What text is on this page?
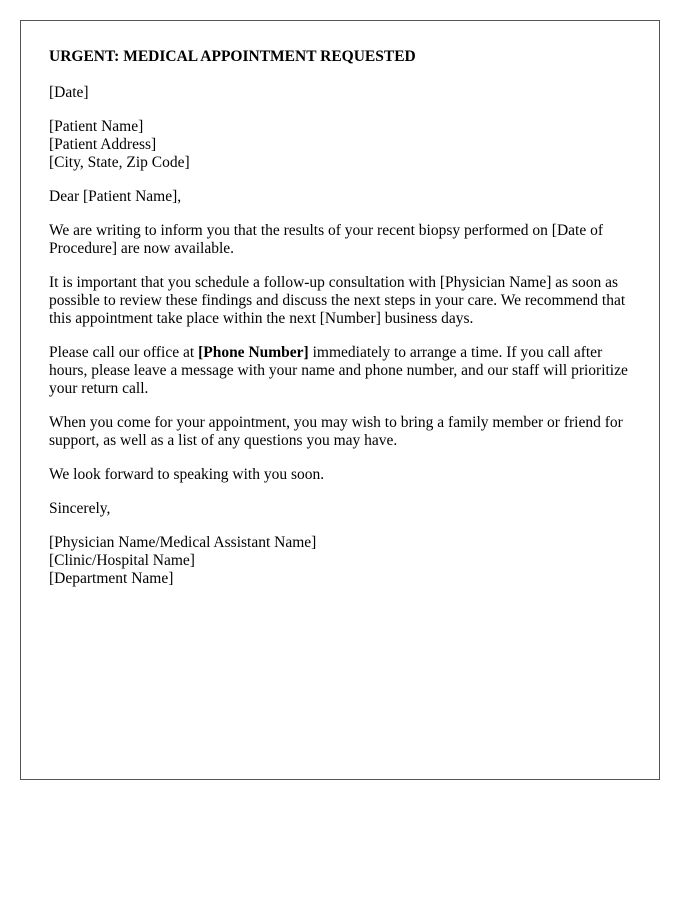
URGENT: MEDICAL APPOINTMENT REQUESTED

[Date]

[Patient Name]
[Patient Address]
[City, State, Zip Code]

Dear [Patient Name],

We are writing to inform you that the results of your recent biopsy performed on [Date of Procedure] are now available.

It is important that you schedule a follow-up consultation with [Physician Name] as soon as possible to review these findings and discuss the next steps in your care. We recommend that this appointment take place within the next [Number] business days.

Please call our office at [Phone Number] immediately to arrange a time. If you call after hours, please leave a message with your name and phone number, and our staff will prioritize your return call.

When you come for your appointment, you may wish to bring a family member or friend for support, as well as a list of any questions you may have.

We look forward to speaking with you soon.

Sincerely,

[Physician Name/Medical Assistant Name]
[Clinic/Hospital Name]
[Department Name]
